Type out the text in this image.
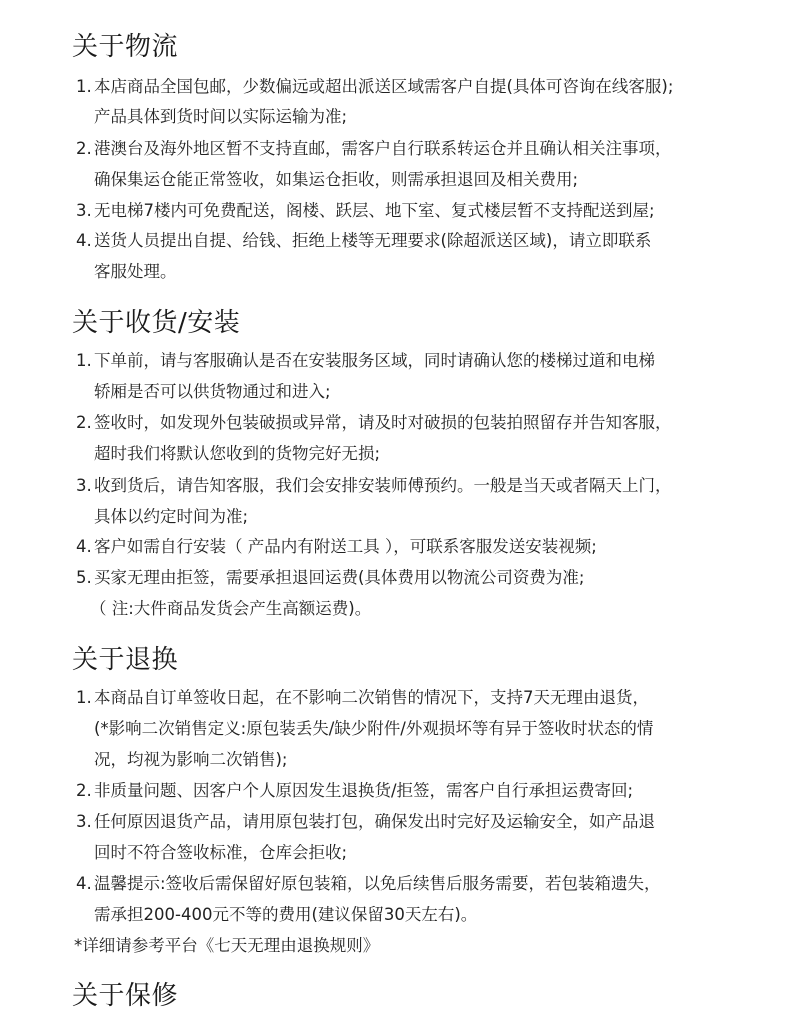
关于物流

1. 本店商品全国包邮，少数偏远或超出派送区域需客户自提(具体可咨询在线客服);

产品具体到货时间以实际运输为准;

2. 港澳台及海外地区暂不支持直邮，需客户自行联系转运仓并且确认相关注事项，

确保集运仓能正常签收，如集运仓拒收，则需承担退回及相关费用;

3. 无电梯7楼内可免费配送，阁楼、跃层、地下室、复式楼层暂不支持配送到屋;

4. 送货人员提出自提、给钱、拒绝上楼等无理要求(除超派送区域)，请立即联系

客服处理。

关于收货/安装

1. 下单前，请与客服确认是否在安装服务区域，同时请确认您的楼梯过道和电梯

轿厢是否可以供货物通过和进入;

2. 签收时，如发现外包装破损或异常，请及时对破损的包装拍照留存并告知客服，

超时我们将默认您收到的货物完好无损;

3. 收到货后，请告知客服，我们会安排安装师傅预约。一般是当天或者隔天上门，

具体以约定时间为准;

4. 客户如需自行安装（ 产品内有附送工具 ），可联系客服发送安装视频;

5. 买家无理由拒签，需要承担退回运费(具体费用以物流公司资费为准;

（ 注:大件商品发货会产生高额运费)。

关于退换

1. 本商品自订单签收日起，在不影响二次销售的情况下，支持7天无理由退货，

(*影响二次销售定义:原包装丢失/缺少附件/外观损坏等有异于签收时状态的情

况，均视为影响二次销售);

2. 非质量问题、因客户个人原因发生退换货/拒签，需客户自行承担运费寄回;

3. 任何原因退货产品，请用原包装打包，确保发出时完好及运输安全，如产品退

回时不符合签收标准，仓库会拒收;

4. 温馨提示:签收后需保留好原包装箱，以免后续售后服务需要，若包装箱遗失，

需承担200-400元不等的费用(建议保留30天左右)。

*详细请参考平台《七天无理由退换规则》

关于保修
